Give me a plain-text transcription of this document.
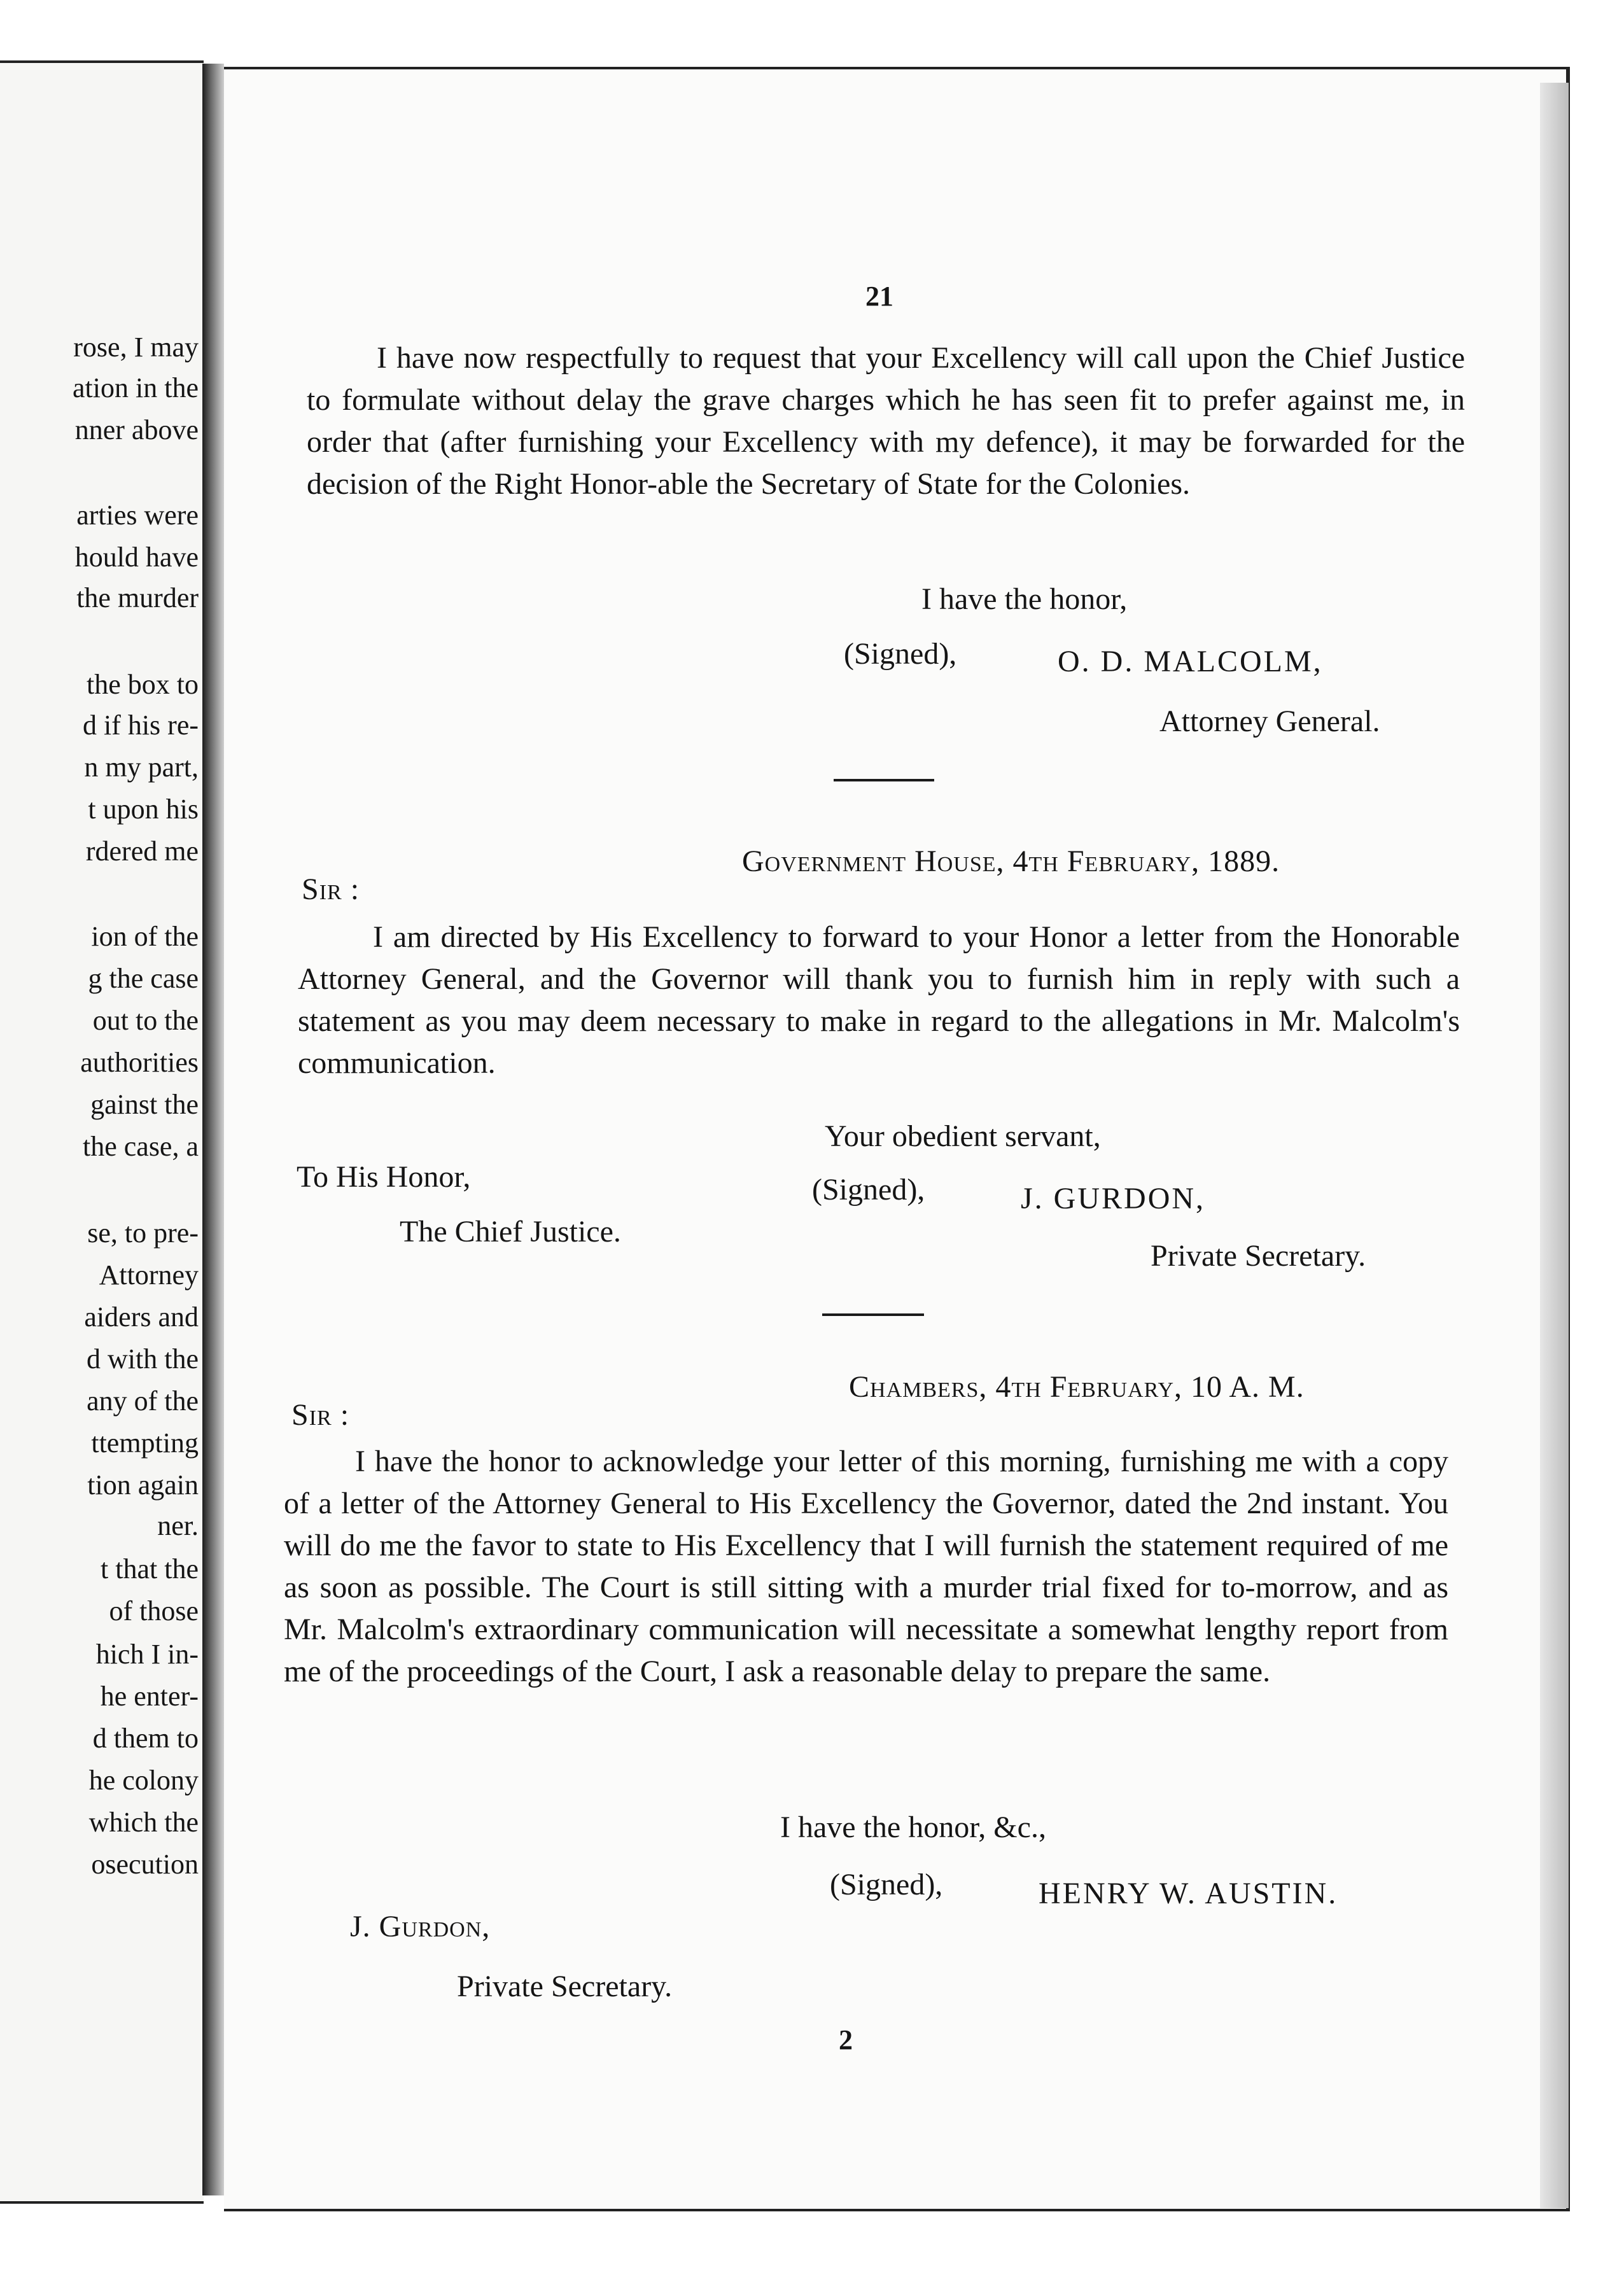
rose, I may
ation in the
nner above
arties were
hould have
the murder
the box to
d if his re-
n my part,
t upon his
rdered me
ion of the
g the case
out to the
authorities
gainst the
the case, a
se, to pre-
Attorney
aiders and
d with the
any of the
ttempting
tion again
ner.
t that the
of those
hich I in-
he enter-
d them to
he colony
which the
osecution
21
I have now respectfully to request that your Excellency will call upon the Chief Justice to formulate without delay the grave charges which he has seen fit to prefer against me, in order that (after furnishing your Excellency with my defence), it may be forwarded for the decision of the Right Honor-able the Secretary of State for the Colonies.
I have the honor,
(Signed),	O. D. MALCOLM,
Attorney General.
Government House, 4th February, 1889.
Sir :
I am directed by His Excellency to forward to your Honor a letter from the Honorable Attorney General, and the Governor will thank you to furnish him in reply with such a statement as you may deem necessary to make in regard to the allegations in Mr. Malcolm's communication.
Your obedient servant,
To His Honor,	(Signed),	J. GURDON,
The Chief Justice.
Private Secretary.
Chambers, 4th February, 10 A. M.
Sir :
I have the honor to acknowledge your letter of this morning, furnishing me with a copy of a letter of the Attorney General to His Excellency the Governor, dated the 2nd instant. You will do me the favor to state to His Excellency that I will furnish the statement required of me as soon as possible. The Court is still sitting with a murder trial fixed for to-morrow, and as Mr. Malcolm's extraordinary communication will necessitate a somewhat lengthy report from me of the proceedings of the Court, I ask a reasonable delay to prepare the same.
I have the honor, &c.,
(Signed),	HENRY W. AUSTIN.
J. Gurdon,
Private Secretary.
2
